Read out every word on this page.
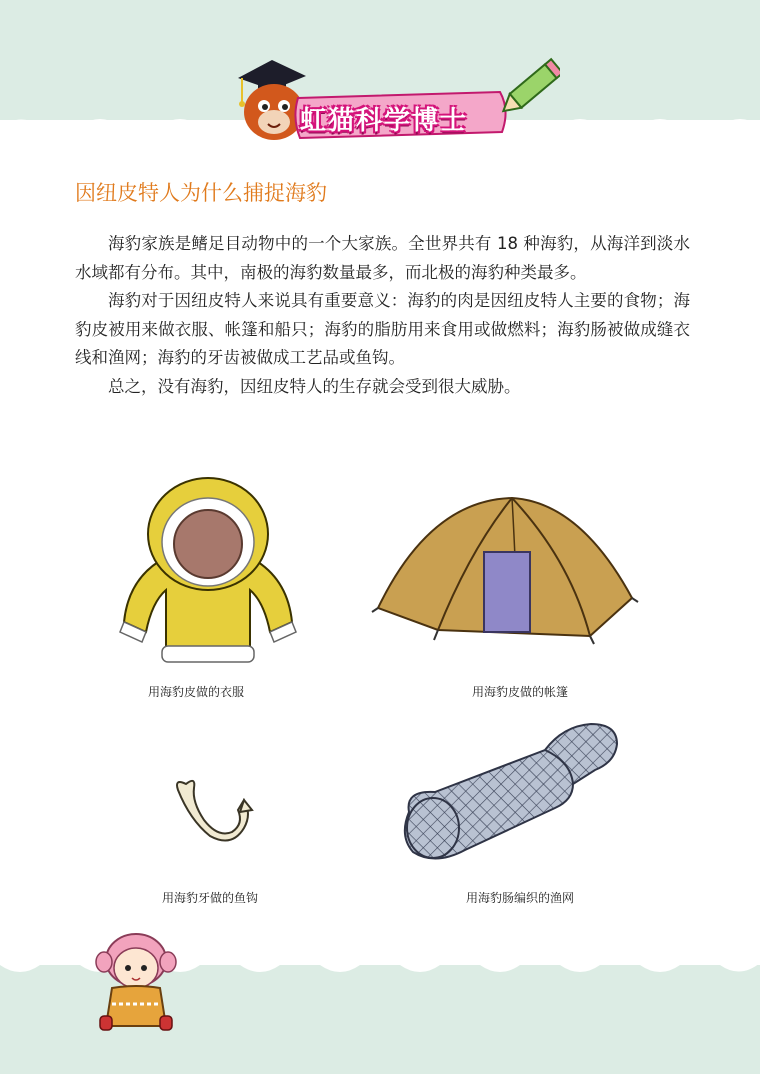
虹猫科学博士
因纽皮特人为什么捕捉海豹

海豹家族是鳍足目动物中的一个大家族。全世界共有 18 种海豹，从海洋到淡水水域都有分布。其中，南极的海豹数量最多，而北极的海豹种类最多。

海豹对于因纽皮特人来说具有重要意义：海豹的肉是因纽皮特人主要的食物；海豹皮被用来做衣服、帐篷和船只；海豹的脂肪用来食用或做燃料；海豹肠被做成缝衣线和渔网；海豹的牙齿被做成工艺品或鱼钩。

总之，没有海豹，因纽皮特人的生存就会受到很大威胁。

用海豹皮做的衣服	用海豹皮做的帐篷
用海豹牙做的鱼钩	用海豹肠编织的渔网
